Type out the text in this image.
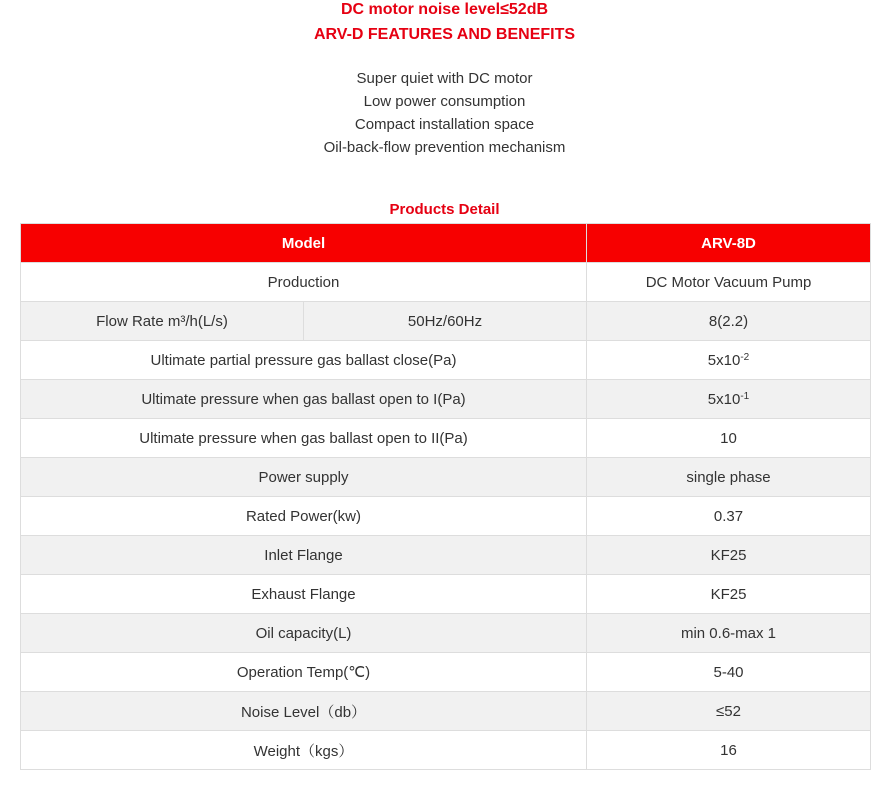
DC motor noise level≤52dB
ARV-D FEATURES AND BENEFITS
Super quiet with DC motor
Low power consumption
Compact installation space
Oil-back-flow prevention mechanism
Products Detail
Model		ARV-8D
Production		DC Motor Vacuum Pump
Flow Rate m³/h(L/s)	50Hz/60Hz	8(2.2)
Ultimate partial pressure gas ballast close(Pa)		$5x10^{-2}$
Ultimate pressure when gas ballast open to I(Pa)		$5x10^{-1}$
Ultimate pressure when gas ballast open to II(Pa)		10
Power supply		single phase
Rated Power(kw)		0.37
Inlet Flange		KF25
Exhaust Flange		KF25
Oil capacity(L)		min 0.6-max 1
Operation Temp(℃)		5-40
Noise Level（db）		≤52
Weight（kgs）		16
